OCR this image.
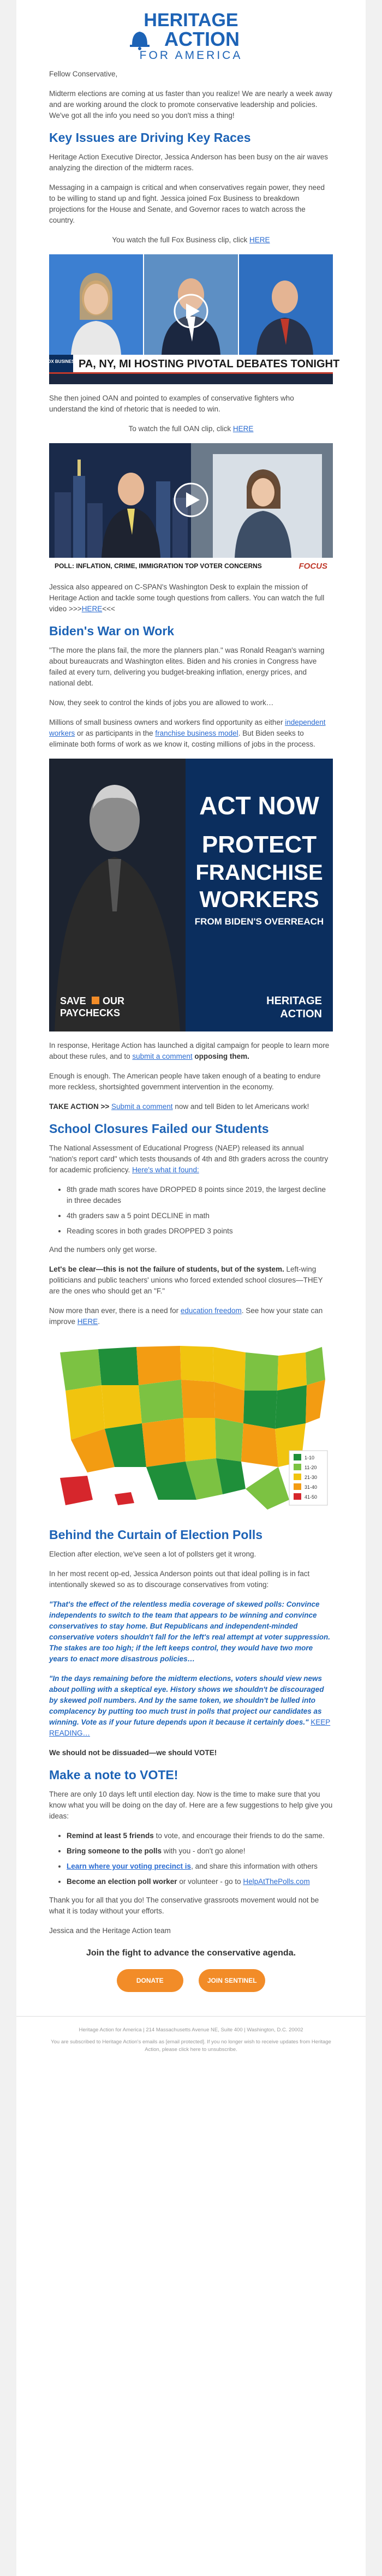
HERITAGE
ACTION
FOR AMERICA

Fellow Conservative,

Midterm elections are coming at us faster than you realize! We are nearly a week away and are working around the clock to promote conservative leadership and policies. We've got all the info you need so you don't miss a thing!

Key Issues are Driving Key Races

Heritage Action Executive Director, Jessica Anderson has been busy on the air waves analyzing the direction of the midterm races.

Messaging in a campaign is critical and when conservatives regain power, they need to be willing to stand up and fight. Jessica joined Fox Business to breakdown projections for the House and Senate, and Governor races to watch across the country.

You watch the full Fox Business clip, click HERE

FOX BUSINESS PA, NY, MI HOSTING PIVOTAL DEBATES TONIGHT

She then joined OAN and pointed to examples of conservative fighters who understand the kind of rhetoric that is needed to win.

To watch the full OAN clip, click HERE

POLL: INFLATION, CRIME, IMMIGRATION TOP VOTER CONCERNS	FOCUS

Jessica also appeared on C-SPAN's Washington Desk to explain the mission of Heritage Action and tackle some tough questions from callers. You can watch the full video >>>HERE<<<

Biden's War on Work

"The more the plans fail, the more the planners plan." was Ronald Reagan's warning about bureaucrats and Washington elites. Biden and his cronies in Congress have failed at every turn, delivering you budget-breaking inflation, energy prices, and national debt.

Now, they seek to control the kinds of jobs you are allowed to work…

Millions of small business owners and workers find opportunity as either independent workers or as participants in the franchise business model. But Biden seeks to eliminate both forms of work as we know it, costing millions of jobs in the process.

ACT NOW
PROTECT
FRANCHISE
WORKERS
FROM BIDEN'S OVERREACH
SAVE OUR
PAYCHECKS
HERITAGE
ACTION

In response, Heritage Action has launched a digital campaign for people to learn more about these rules, and to submit a comment opposing them.

Enough is enough. The American people have taken enough of a beating to endure more reckless, shortsighted government intervention in the economy.

TAKE ACTION >> Submit a comment now and tell Biden to let Americans work!

School Closures Failed our Students

The National Assessment of Educational Progress (NAEP) released its annual "nation's report card" which tests thousands of 4th and 8th graders across the country for academic proficiency. Here's what it found:

• 8th grade math scores have DROPPED 8 points since 2019, the largest decline in three decades
• 4th graders saw a 5 point DECLINE in math
• Reading scores in both grades DROPPED 3 points

And the numbers only get worse.

Let's be clear—this is not the failure of students, but of the system. Left-wing politicians and public teachers' unions who forced extended school closures—THEY are the ones who should get an "F."

Now more than ever, there is a need for education freedom. See how your state can improve HERE.

1-10
11-20
21-30
31-40
41-50
Behind the Curtain of Election Polls

Election after election, we've seen a lot of pollsters get it wrong.

In her most recent op-ed, Jessica Anderson points out that ideal polling is in fact intentionally skewed so as to discourage conservatives from voting:

"That's the effect of the relentless media coverage of skewed polls: Convince independents to switch to the team that appears to be winning and convince conservatives to stay home. But Republicans and independent-minded conservative voters shouldn't fall for the left's real attempt at voter suppression. The stakes are too high; if the left keeps control, they would have two more years to enact more disastrous policies…

"In the days remaining before the midterm elections, voters should view news about polling with a skeptical eye. History shows we shouldn't be discouraged by skewed poll numbers. And by the same token, we shouldn't be lulled into complacency by putting too much trust in polls that project our candidates as winning. Vote as if your future depends upon it because it certainly does." KEEP READING…

We should not be dissuaded—we should VOTE!

Make a note to VOTE!

There are only 10 days left until election day. Now is the time to make sure that you know what you will be doing on the day of. Here are a few suggestions to help give you ideas:

• Remind at least 5 friends to vote, and encourage their friends to do the same.
• Bring someone to the polls with you - don't go alone!
• Learn where your voting precinct is, and share this information with others
• Become an election poll worker or volunteer - go to HelpAtThePolls.com

Thank you for all that you do! The conservative grassroots movement would not be what it is today without your efforts.

Jessica and the Heritage Action team

Join the fight to advance the conservative agenda.
DONATE	JOIN SENTINEL

Heritage Action for America | 214 Massachusetts Avenue NE, Suite 400 | Washington, D.C. 20002

You are subscribed to Heritage Action's emails as [email protected]. If you no longer wish to receive updates from Heritage Action, please click here to unsubscribe.
